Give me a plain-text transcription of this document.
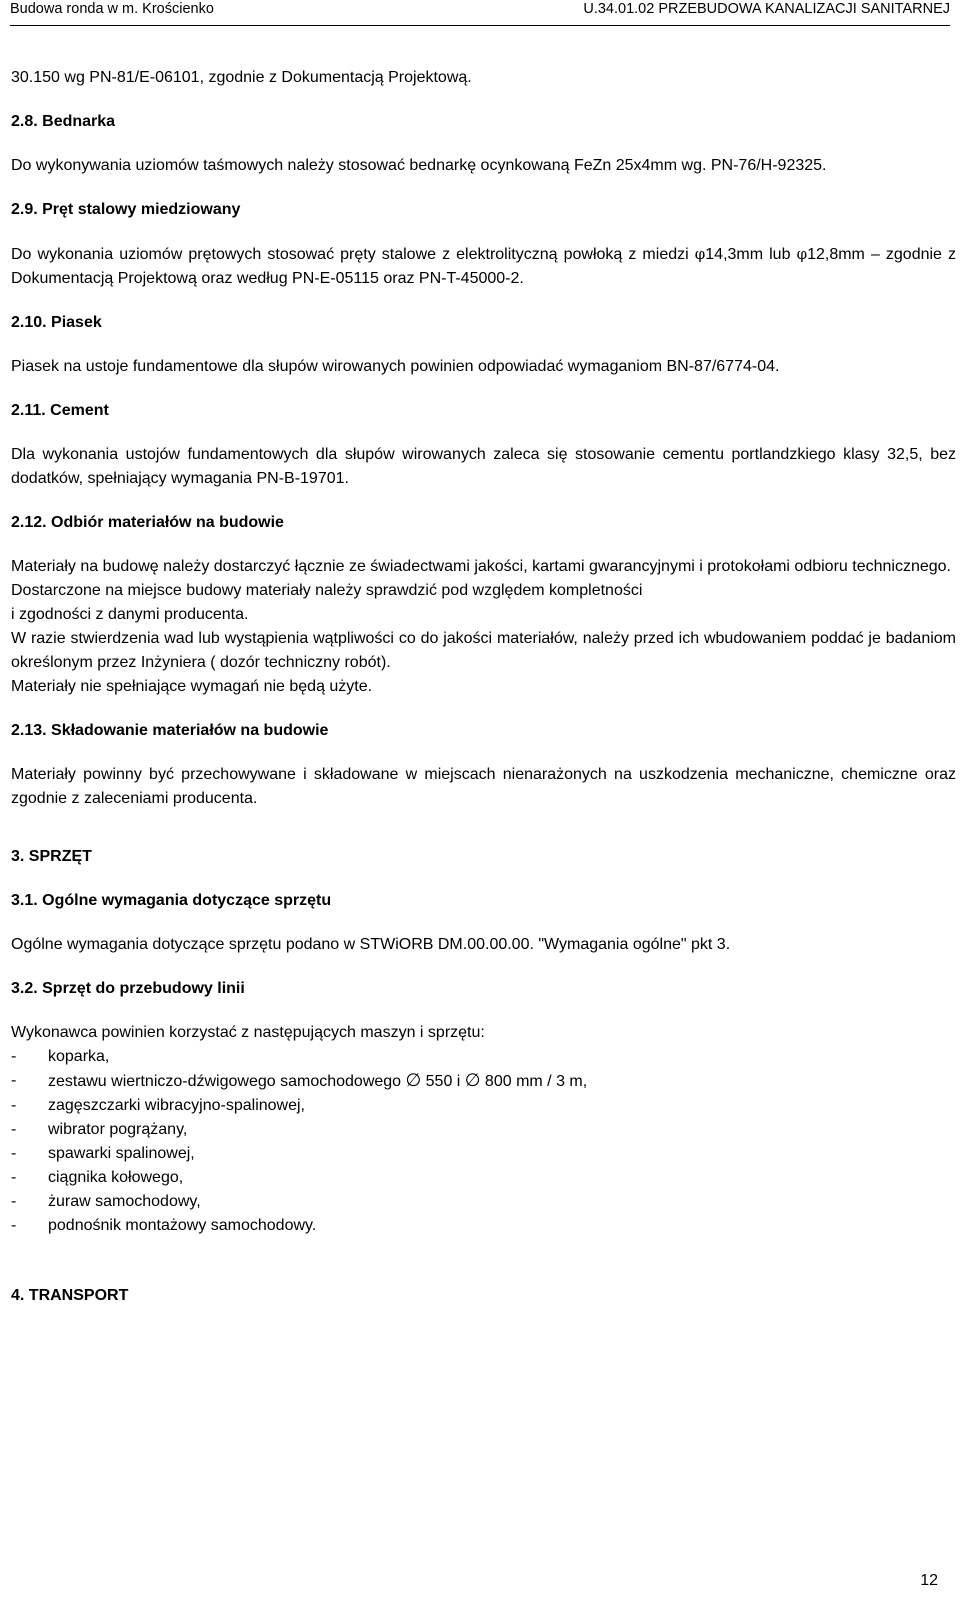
Budowa ronda w m. Krościenko	U.34.01.02 PRZEBUDOWA KANALIZACJI SANITARNEJ

30.150 wg PN-81/E-06101, zgodnie z Dokumentacją Projektową.

2.8. Bednarka

Do wykonywania uziomów taśmowych należy stosować bednarkę ocynkowaną FeZn 25x4mm wg. PN-76/H-92325.

2.9. Pręt stalowy miedziowany

Do wykonania uziomów prętowych stosować pręty stalowe z elektrolityczną powłoką z miedzi φ14,3mm lub φ12,8mm – zgodnie z Dokumentacją Projektową oraz według PN-E-05115 oraz PN-T-45000-2.

2.10. Piasek

Piasek na ustoje fundamentowe dla słupów wirowanych powinien odpowiadać wymaganiom BN-87/6774-04.

2.11. Cement

Dla wykonania ustojów fundamentowych dla słupów wirowanych zaleca się stosowanie cementu portlandzkiego klasy 32,5, bez dodatków, spełniający wymagania PN-B-19701.

2.12. Odbiór materiałów na budowie

Materiały na budowę należy dostarczyć łącznie ze świadectwami jakości, kartami gwarancyjnymi i protokołami odbioru technicznego.

Dostarczone na miejsce budowy materiały należy sprawdzić pod względem kompletności

i zgodności z danymi producenta.

W razie stwierdzenia wad lub wystąpienia wątpliwości co do jakości materiałów, należy przed ich wbudowaniem poddać je badaniom określonym przez Inżyniera ( dozór techniczny robót).

Materiały nie spełniające wymagań nie będą użyte.

2.13. Składowanie materiałów na budowie

Materiały powinny być przechowywane i składowane w miejscach nienarażonych na uszkodzenia mechaniczne, chemiczne oraz zgodnie z zaleceniami producenta.

3. SPRZĘT

3.1. Ogólne wymagania dotyczące sprzętu

Ogólne wymagania dotyczące sprzętu podano w STWiORB DM.00.00.00. "Wymagania ogólne" pkt 3.

3.2. Sprzęt do przebudowy linii

Wykonawca powinien korzystać z następujących maszyn i sprzętu:

-	koparka,
-	zestawu wiertniczo-dźwigowego samochodowego ∅ 550 i ∅ 800 mm / 3 m,
-	zagęszczarki wibracyjno-spalinowej,
-	wibrator pogrążany,
-	spawarki spalinowej,
-	ciągnika kołowego,
-	żuraw samochodowy,
-	podnośnik montażowy samochodowy.

4. TRANSPORT

12
